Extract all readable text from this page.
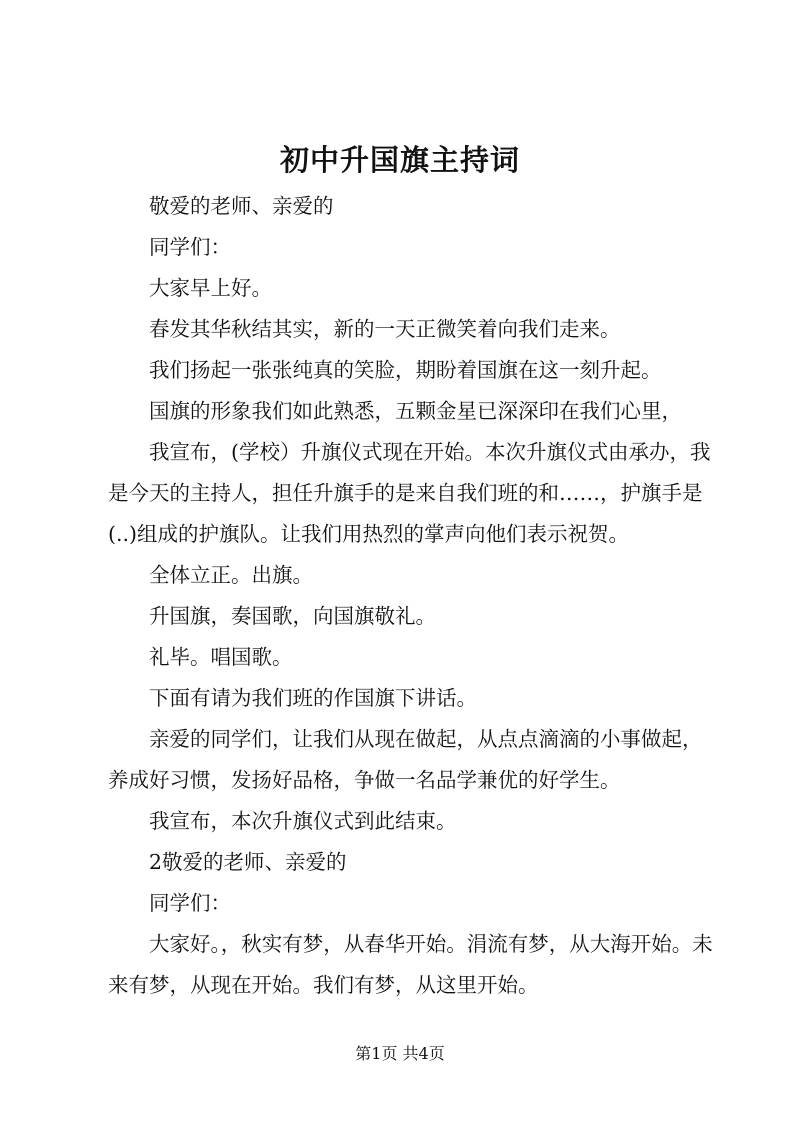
初中升国旗主持词

敬爱的老师、亲爱的

同学们：

大家早上好。

春发其华秋结其实，新的一天正微笑着向我们走来。

我们扬起一张张纯真的笑脸，期盼着国旗在这一刻升起。

国旗的形象我们如此熟悉，五颗金星已深深印在我们心里，

我宣布，(学校）升旗仪式现在开始。本次升旗仪式由承办，我是今天的主持人，担任升旗手的是来自我们班的和……，护旗手是(..)组成的护旗队。让我们用热烈的掌声向他们表示祝贺。

全体立正。出旗。

升国旗，奏国歌，向国旗敬礼。

礼毕。唱国歌。

下面有请为我们班的作国旗下讲话。

亲爱的同学们，让我们从现在做起，从点点滴滴的小事做起，养成好习惯，发扬好品格，争做一名品学兼优的好学生。

我宣布，本次升旗仪式到此结束。

2敬爱的老师、亲爱的

同学们：

大家好。，秋实有梦，从春华开始。涓流有梦，从大海开始。未来有梦，从现在开始。我们有梦，从这里开始。

第1页 共4页
